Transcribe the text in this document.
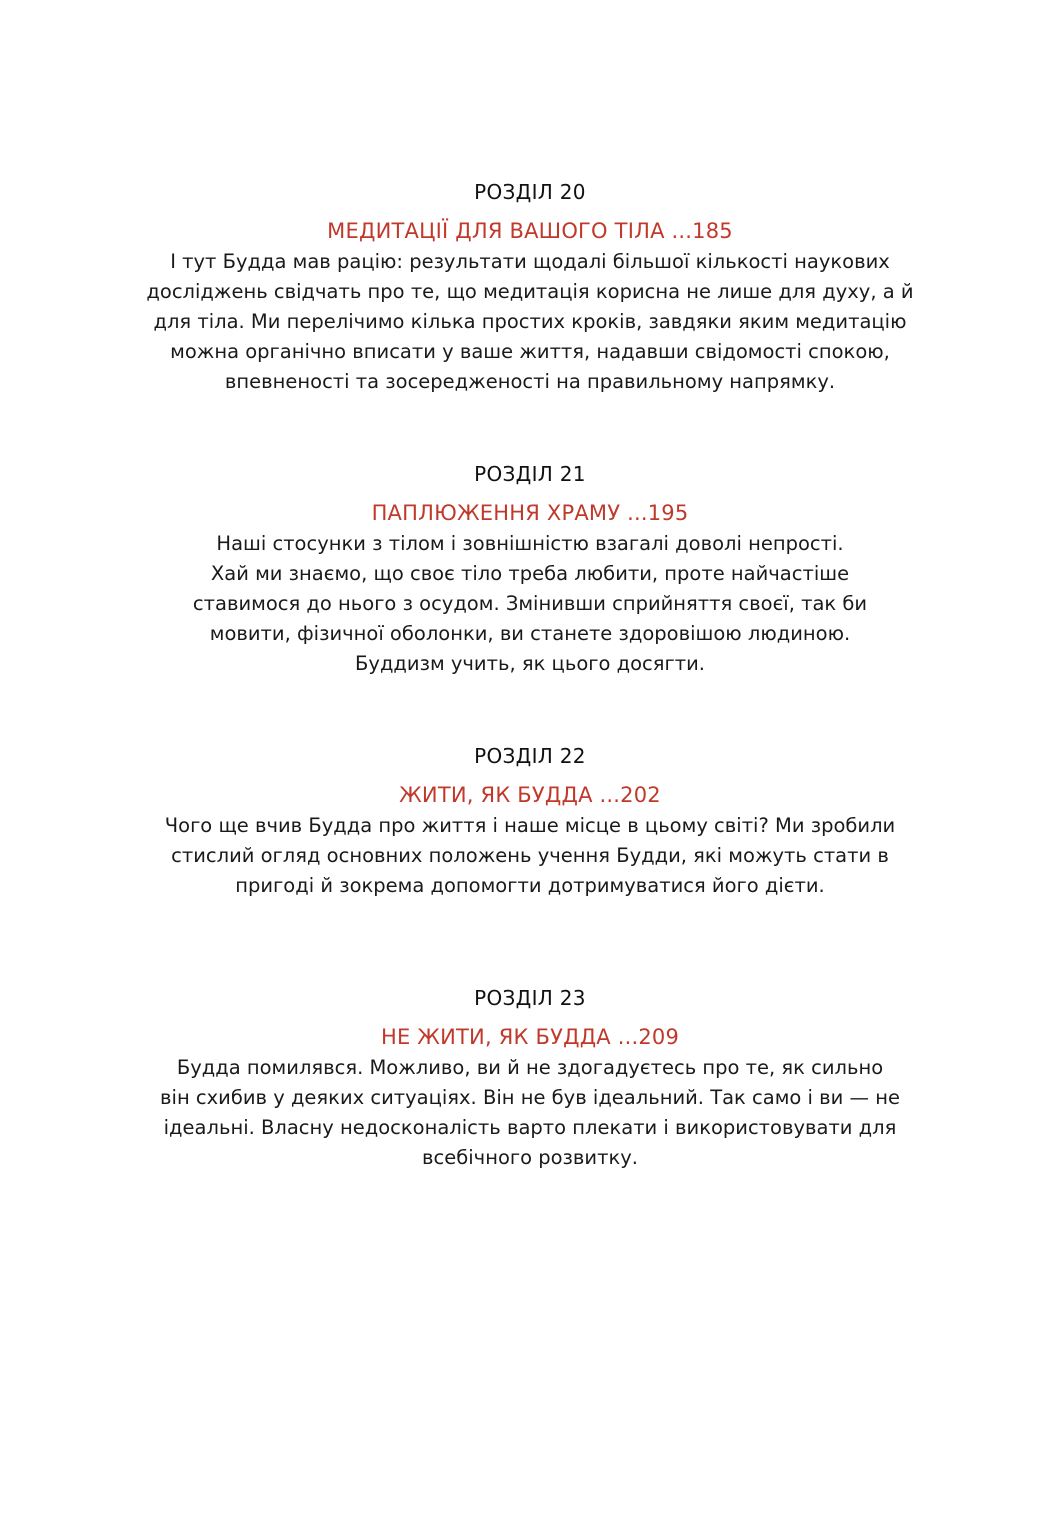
РОЗДІЛ 20
МЕДИТАЦІЇ ДЛЯ ВАШОГО ТІЛА ...185
І тут Будда мав рацію: результати щодалі більшої кількості наукових
досліджень свідчать про те, що медитація корисна не лише для духу, а й
для тіла. Ми перелічимо кілька простих кроків, завдяки яким медитацію
можна органічно вписати у ваше життя, надавши свідомості спокою,
впевненості та зосередженості на правильному напрямку.
РОЗДІЛ 21
ПАПЛЮЖЕННЯ ХРАМУ ...195
Наші стосунки з тілом і зовнішністю взагалі доволі непрості.
Хай ми знаємо, що своє тіло треба любити, проте найчастіше
ставимося до нього з осудом. Змінивши сприйняття своєї, так би
мовити, фізичної оболонки, ви станете здоровішою людиною.
Буддизм учить, як цього досягти.
РОЗДІЛ 22
ЖИТИ, ЯК БУДДА ...202
Чого ще вчив Будда про життя і наше місце в цьому світі? Ми зробили
стислий огляд основних положень учення Будди, які можуть стати в
пригоді й зокрема допомогти дотримуватися його дієти.
РОЗДІЛ 23
НЕ ЖИТИ, ЯК БУДДА ...209
Будда помилявся. Можливо, ви й не здогадуєтесь про те, як сильно
він схибив у деяких ситуаціях. Він не був ідеальний. Так само і ви — не
ідеальні. Власну недосконалість варто плекати і використовувати для
всебічного розвитку.
